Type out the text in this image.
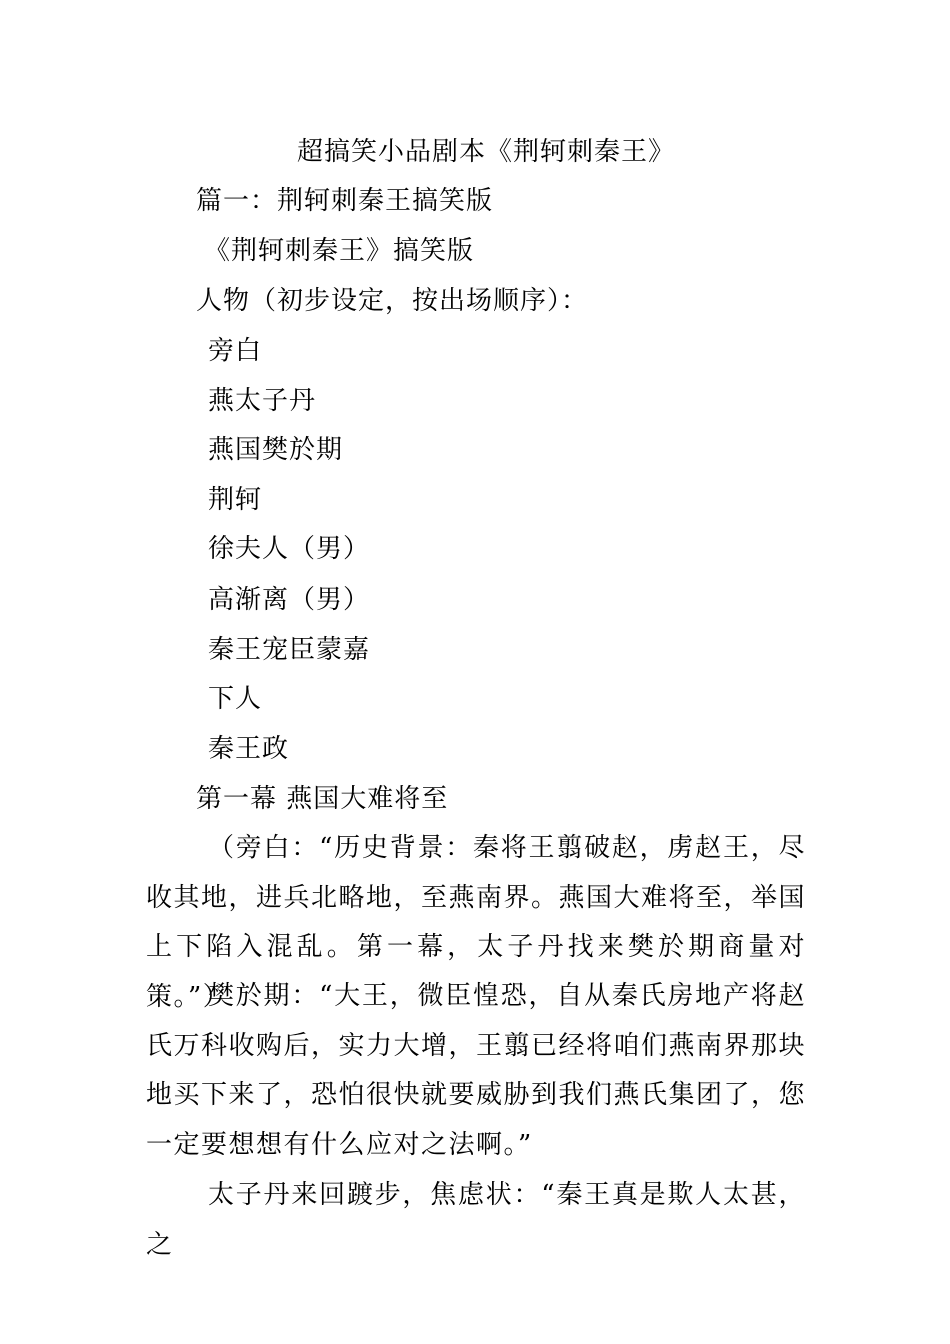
超搞笑小品剧本《荆轲刺秦王》
篇一：荆轲刺秦王搞笑版
《荆轲刺秦王》搞笑版
人物（初步设定，按出场顺序）：
旁白
燕太子丹
燕国樊於期
荆轲
徐夫人（男）
高渐离（男）
秦王宠臣蒙嘉
下人
秦王政
第一幕 燕国大难将至

（旁白：“历史背景：秦将王翦破赵，虏赵王，尽收其地，进兵北略地，至燕南界。燕国大难将至，举国上下陷入混乱。第一幕，太子丹找来樊於期商量对策。”）

樊於期：“大王，微臣惶恐，自从秦氏房地产将赵氏万科收购后，实力大增，王翦已经将咱们燕南界那块地买下来了，恐怕很快就要威胁到我们燕氏集团了，您一定要想想有什么应对之法啊。”

太子丹来回踱步，焦虑状：“秦王真是欺人太甚，之
